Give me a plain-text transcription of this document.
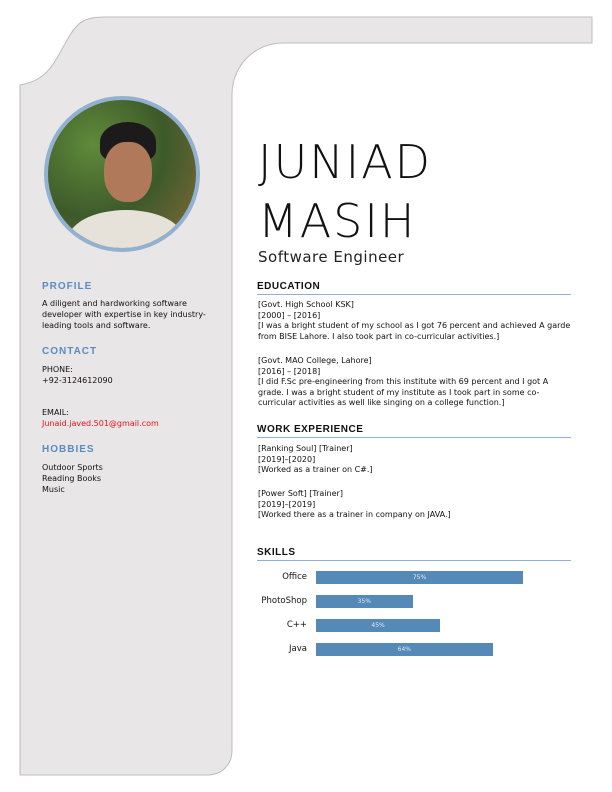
PROFILE
A diligent and hardworking software developer with expertise in key industry-leading tools and software.
CONTACT
PHONE:
+92-3124612090
EMAIL:
Junaid.javed.501@gmail.com
HOBBIES
Outdoor Sports
Reading Books
Music
JUNIAD
MASIH
Software Engineer
EDUCATION
[Govt. High School KSK]
[2000] – [2016]
[I was a bright student of my school as I got 76 percent and achieved A garde from BISE Lahore. I also took part in co-curricular activities.]
[Govt. MAO College, Lahore]
[2016] – [2018]
[I did F.Sc pre-engineering from this institute with 69 percent and I got A grade. I was a bright student of my institute as I took part in some co-curricular activities as well like singing on a college function.]
WORK EXPERIENCE
[Ranking Soul] [Trainer]
[2019]–[2020]
[Worked as a trainer on C#.]
[Power Soft] [Trainer]
[2019]–[2019]
[Worked there as a trainer in company on JAVA.]
SKILLS
Office	75%
PhotoShop	35%
C++	45%
Java	64%
